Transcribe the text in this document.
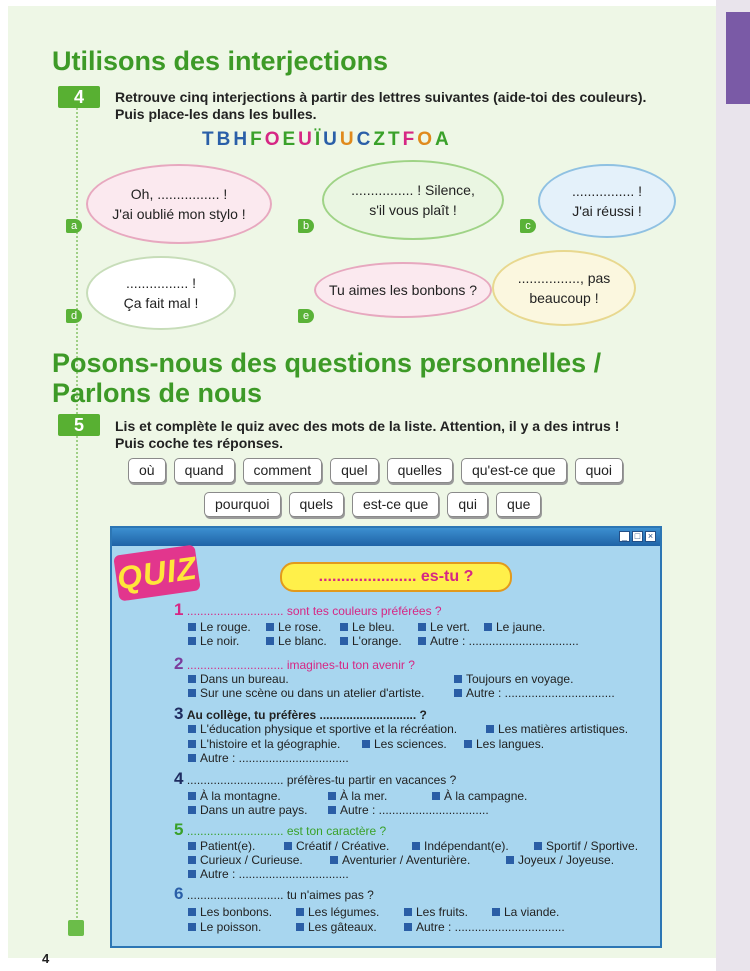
Utilisons des interjections
4	Retrouve cinq interjections à partir des lettres suivantes (aide-toi des couleurs).
Puis place-les dans les bulles.
TBHFOEUÏUUCZTFOA
Oh, ................ !
J'ai oublié mon stylo !
a
................ ! Silence,
s'il vous plaît !
b
................ !
J'ai réussi !
c
................ !
Ça fait mal !
d
Tu aimes les bonbons ?
e
................, pas
beaucoup !
Posons-nous des questions personnelles /
Parlons de nous
5	Lis et complète le quiz avec des mots de la liste. Attention, il y a des intrus !
Puis coche tes réponses.
où	quand	comment	quel	quelles	qu'est-ce que	quoi
pourquoi	quels	est-ce que	qui	que
_ □ ×
QUIZ	...................... es-tu ?
1 ............................. sont tes couleurs préférées ?
Le rouge.	Le rose.	Le bleu.	Le vert.	Le jaune.
Le noir.	Le blanc.	L'orange.	Autre : .................................
2 ............................. imagines-tu ton avenir ?
Dans un bureau.	Toujours en voyage.
Sur une scène ou dans un atelier d'artiste.	Autre : .................................
3 Au collège, tu préfères ............................. ?
L'éducation physique et sportive et la récréation.	Les matières artistiques.
L'histoire et la géographie.	Les sciences.	Les langues.
Autre : .................................
4 ............................. préfères-tu partir en vacances ?
À la montagne.	À la mer.	À la campagne.
Dans un autre pays.	Autre : .................................
5 ............................. est ton caractère ?
Patient(e).	Créatif / Créative.	Indépendant(e).	Sportif / Sportive.
Curieux / Curieuse.	Aventurier / Aventurière.	Joyeux / Joyeuse.
Autre : .................................
6 ............................. tu n'aimes pas ?
Les bonbons.	Les légumes.	Les fruits.	La viande.
Le poisson.	Les gâteaux.	Autre : .................................
4
